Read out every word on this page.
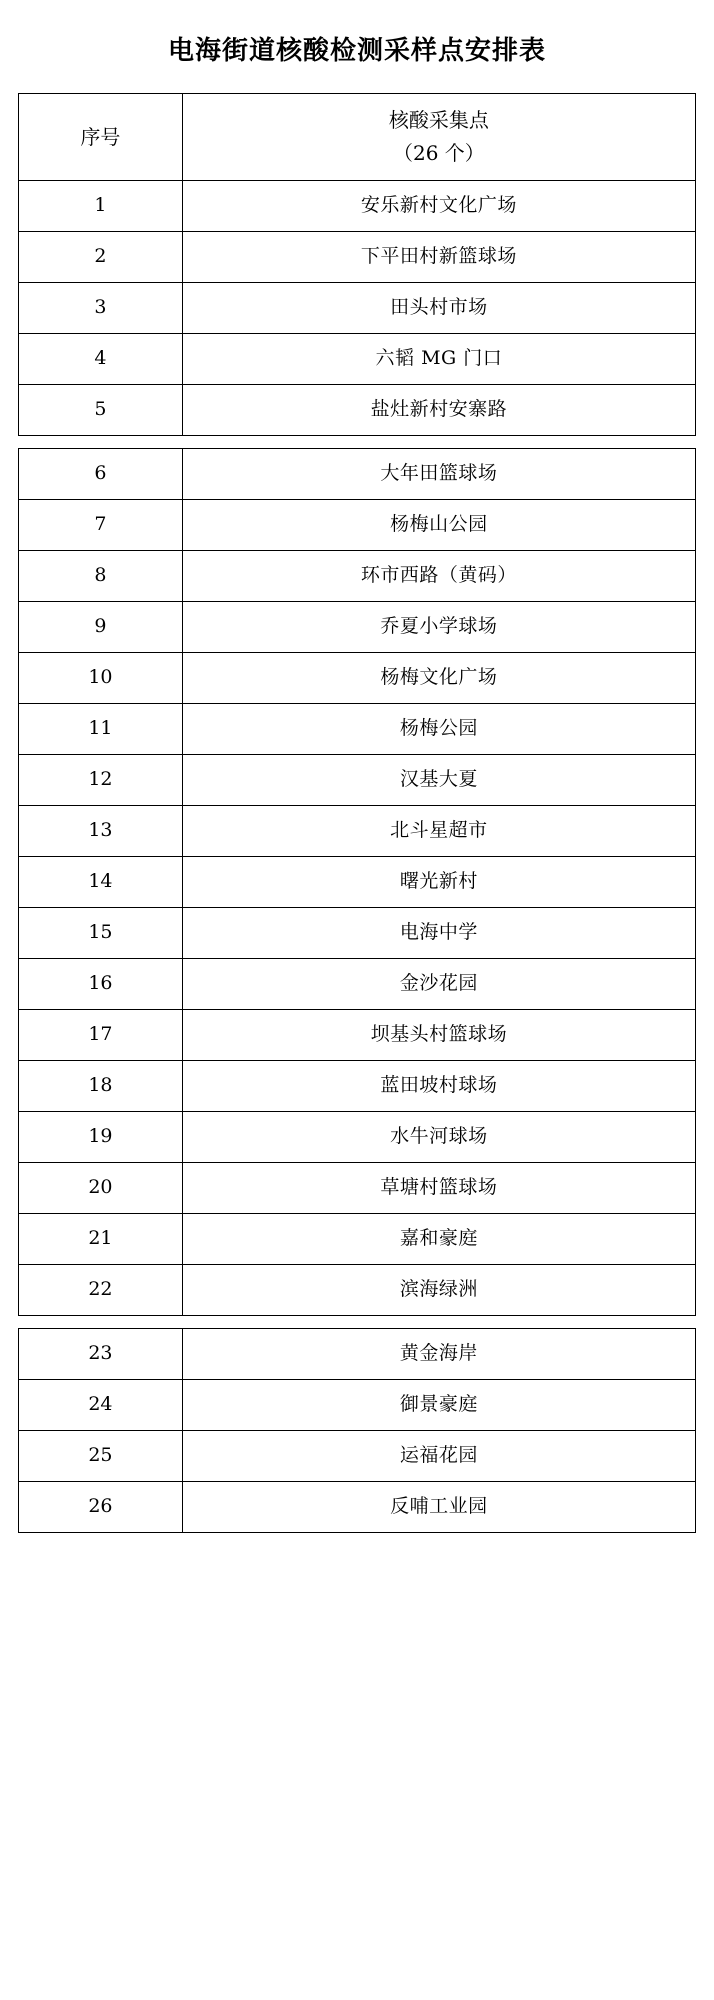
电海街道核酸检测采样点安排表
序号	核酸采集点
（26 个）

1	安乐新村文化广场
2	下平田村新篮球场
3	田头村市场
4	六韬 MG 门口
5	盐灶新村安寨路
6	大年田篮球场
7	杨梅山公园
8	环市西路（黄码）
9	乔夏小学球场
10	杨梅文化广场
11	杨梅公园
12	汉基大夏
13	北斗星超市
14	曙光新村
15	电海中学
16	金沙花园
17	坝基头村篮球场
18	蓝田坡村球场
19	水牛河球场
20	草塘村篮球场
21	嘉和豪庭
22	滨海绿洲
23	黄金海岸
24	御景豪庭
25	运福花园
26	反哺工业园
